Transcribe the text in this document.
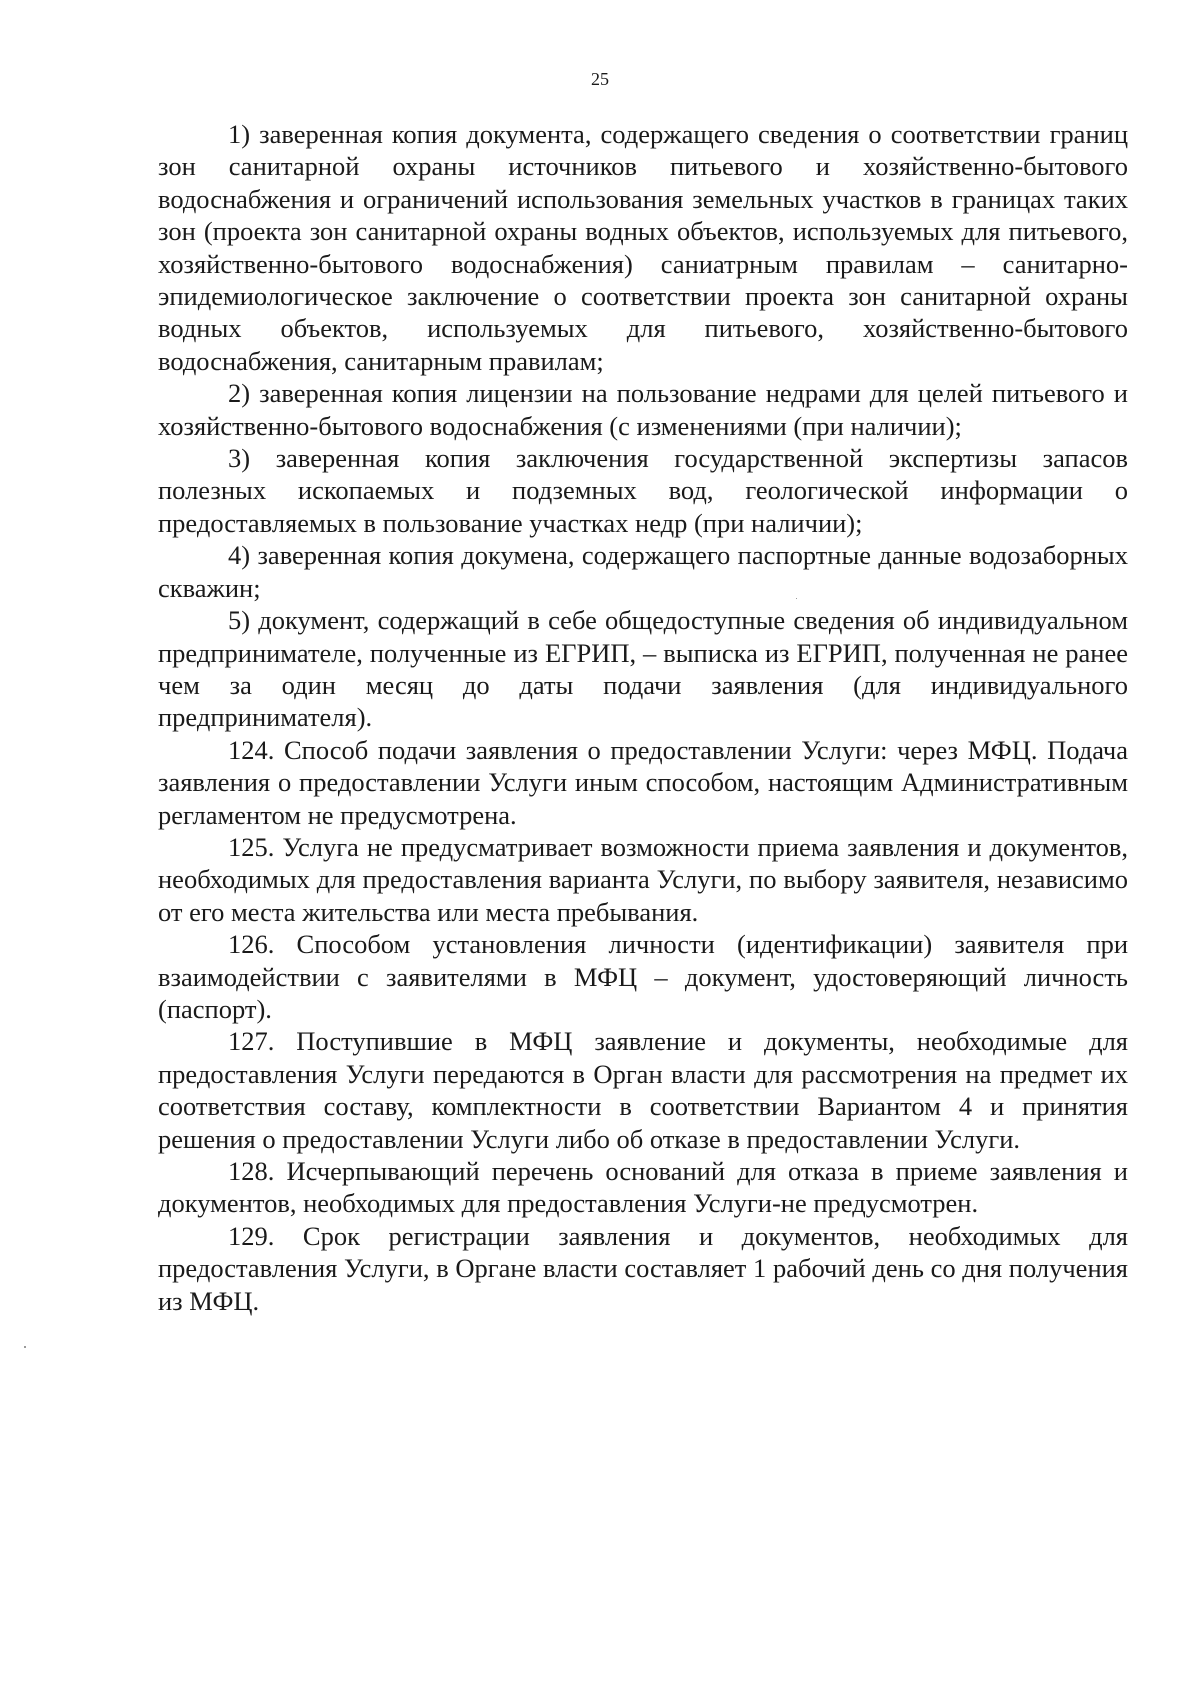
25

1) заверенная копия документа, содержащего сведения о соответствии границ зон санитарной охраны источников питьевого и хозяйственно-бытового водоснабжения и ограничений использования земельных участков в границах таких зон (проекта зон санитарной охраны водных объектов, используемых для питьевого, хозяйственно-бытового водоснабжения) саниатрным правилам – санитарно-эпидемиологическое заключение о соответствии проекта зон санитарной охраны водных объектов, используемых для питьевого, хозяйственно-бытового водоснабжения, санитарным правилам;

2) заверенная копия лицензии на пользование недрами для целей питьевого и хозяйственно-бытового водоснабжения (с изменениями (при наличии);

3) заверенная копия заключения государственной экспертизы запасов полезных ископаемых и подземных вод, геологической информации о предоставляемых в пользование участках недр (при наличии);

4) заверенная копия докумена, содержащего паспортные данные водозаборных скважин;

5) документ, содержащий в себе общедоступные сведения об индивидуальном предпринимателе, полученные из ЕГРИП, – выписка из ЕГРИП, полученная не ранее чем за один месяц до даты подачи заявления (для индивидуального предпринимателя).

124. Способ подачи заявления о предоставлении Услуги: через МФЦ. Подача заявления о предоставлении Услуги иным способом, настоящим Административным регламентом не предусмотрена.

125. Услуга не предусматривает возможности приема заявления и документов, необходимых для предоставления варианта Услуги, по выбору заявителя, независимо от его места жительства или места пребывания.

126. Способом установления личности (идентификации) заявителя при взаимодействии с заявителями в МФЦ – документ, удостоверяющий личность (паспорт).

127. Поступившие в МФЦ заявление и документы, необходимые для предоставления Услуги передаются в Орган власти для рассмотрения на предмет их соответствия составу, комплектности в соответствии Вариантом 4 и принятия решения о предоставлении Услуги либо об отказе в предоставлении Услуги.

128. Исчерпывающий перечень оснований для отказа в приеме заявления и документов, необходимых для предоставления Услуги-не предусмотрен.

129. Срок регистрации заявления и документов, необходимых для предоставления Услуги, в Органе власти составляет 1 рабочий день со дня получения из МФЦ.
